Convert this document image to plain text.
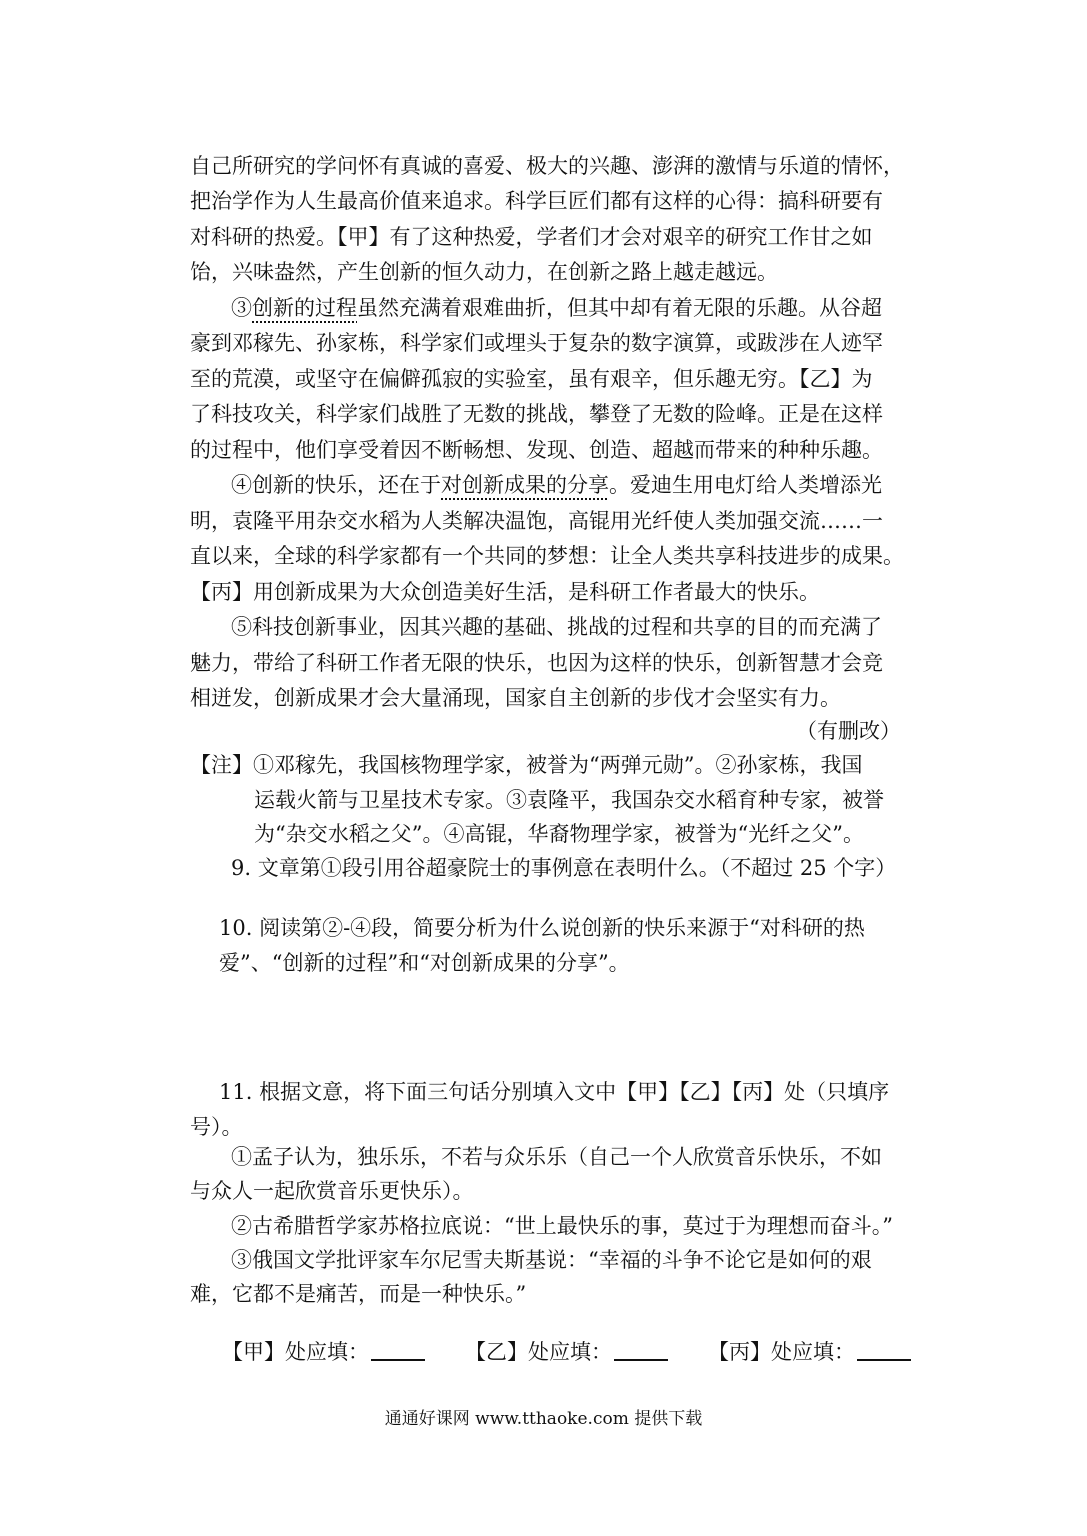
自己所研究的学问怀有真诚的喜爱、极大的兴趣、澎湃的激情与乐道的情怀，
把治学作为人生最高价值来追求。科学巨匠们都有这样的心得：搞科研要有
对科研的热爱。【甲】有了这种热爱，学者们才会对艰辛的研究工作甘之如
饴，兴味盎然，产生创新的恒久动力，在创新之路上越走越远。
③创新的过程虽然充满着艰难曲折，但其中却有着无限的乐趣。从谷超
豪到邓稼先、孙家栋，科学家们或埋头于复杂的数字演算，或跋涉在人迹罕
至的荒漠，或坚守在偏僻孤寂的实验室，虽有艰辛，但乐趣无穷。【乙】为
了科技攻关，科学家们战胜了无数的挑战，攀登了无数的险峰。正是在这样
的过程中，他们享受着因不断畅想、发现、创造、超越而带来的种种乐趣。
④创新的快乐，还在于对创新成果的分享。爱迪生用电灯给人类增添光
明，袁隆平用杂交水稻为人类解决温饱，高锟用光纤使人类加强交流……一
直以来，全球的科学家都有一个共同的梦想：让全人类共享科技进步的成果。
【丙】用创新成果为大众创造美好生活，是科研工作者最大的快乐。
⑤科技创新事业，因其兴趣的基础、挑战的过程和共享的目的而充满了
魅力，带给了科研工作者无限的快乐，也因为这样的快乐，创新智慧才会竞
相迸发，创新成果才会大量涌现，国家自主创新的步伐才会坚实有力。
（有删改）
【注】①邓稼先，我国核物理学家，被誉为“两弹元勋”。②孙家栋，我国
运载火箭与卫星技术专家。③袁隆平，我国杂交水稻育种专家，被誉
为“杂交水稻之父”。④高锟，华裔物理学家，被誉为“光纤之父”。
9. 文章第①段引用谷超豪院士的事例意在表明什么。（不超过 25 个字）
10. 阅读第②-④段，简要分析为什么说创新的快乐来源于“对科研的热
爱”、“创新的过程”和“对创新成果的分享”。
11. 根据文意，将下面三句话分别填入文中【甲】【乙】【丙】处（只填序
号）。
①孟子认为，独乐乐，不若与众乐乐（自己一个人欣赏音乐快乐，不如
与众人一起欣赏音乐更快乐）。
②古希腊哲学家苏格拉底说：“世上最快乐的事，莫过于为理想而奋斗。”
③俄国文学批评家车尔尼雪夫斯基说：“幸福的斗争不论它是如何的艰
难，它都不是痛苦，而是一种快乐。”
【甲】处应填：	【乙】处应填：	【丙】处应填：
通通好课网 www.tthaoke.com 提供下载
